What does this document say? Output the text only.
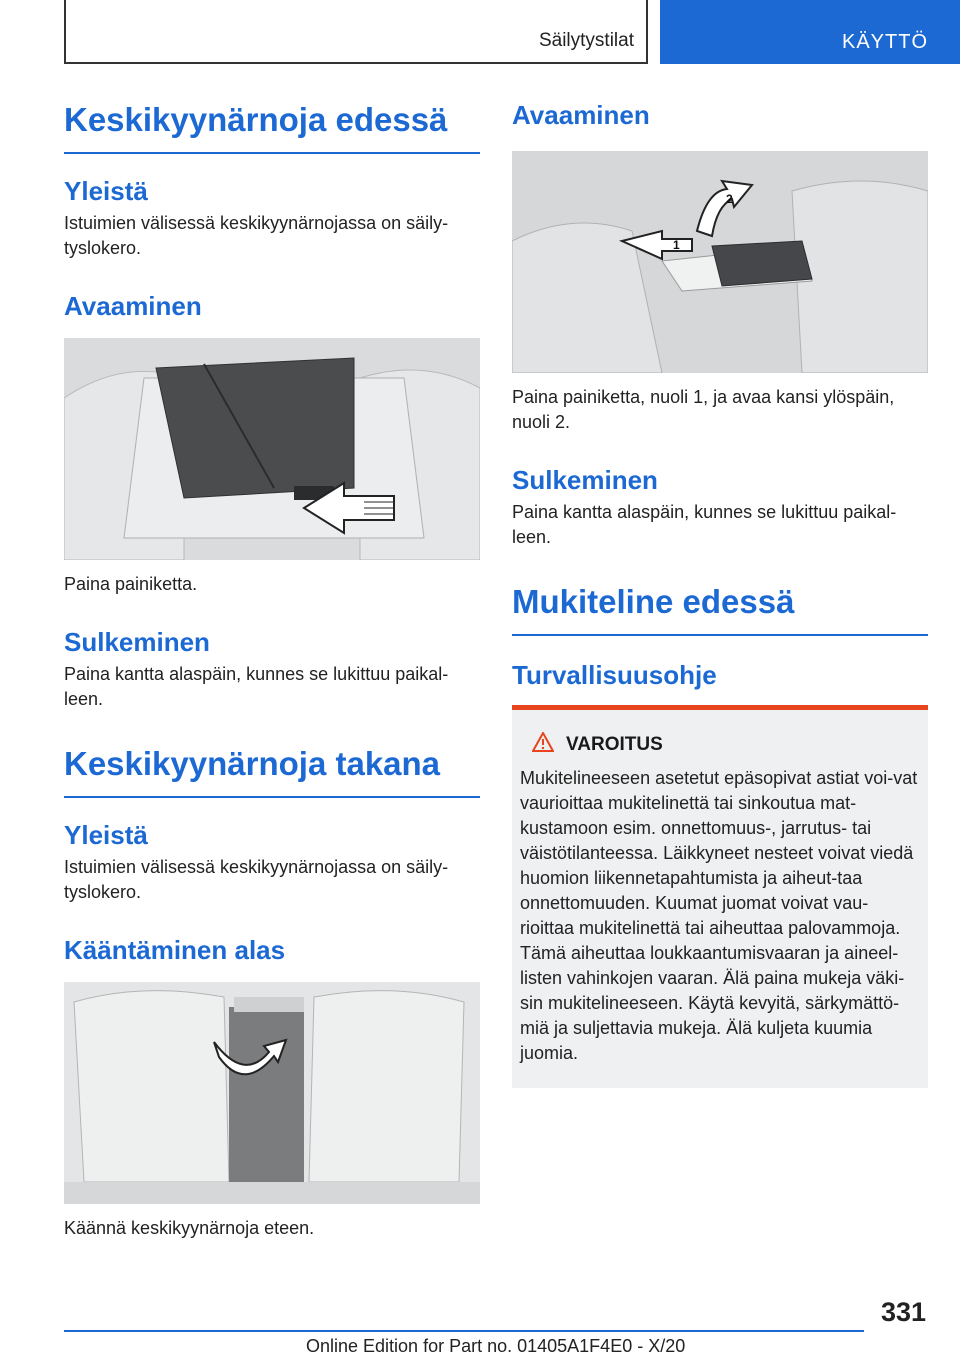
Säilytystilat	KÄYTTÖ
Keskikyynärnoja edessä
Yleistä

Istuimien välisessä keskikyynärnojassa on säily-tyslokero.

Avaaminen

Paina painiketta.

Sulkeminen

Paina kantta alaspäin, kunnes se lukittuu paikal-leen.

Keskikyynärnoja takana
Yleistä

Istuimien välisessä keskikyynärnojassa on säily-tyslokero.

Kääntäminen alas

Käännä keskikyynärnoja eteen.

Avaaminen
1
2

Paina painiketta, nuoli 1, ja avaa kansi ylöspäin, nuoli 2.

Sulkeminen

Paina kantta alaspäin, kunnes se lukittuu paikal-leen.

Mukiteline edessä
Turvallisuusohje
VAROITUS

Mukitelineeseen asetetut epäsopivat astiat voi-vat vaurioittaa mukitelinettä tai sinkoutua mat-kustamoon esim. onnettomuus-, jarrutus- tai väistötilanteessa. Läikkyneet nesteet voivat viedä huomion liikennetapahtumista ja aiheut-taa onnettomuuden. Kuumat juomat voivat vau-rioittaa mukitelinettä tai aiheuttaa palovammoja. Tämä aiheuttaa loukkaantumisvaaran ja aineel-listen vahinkojen vaaran. Älä paina mukeja väki-sin mukitelineeseen. Käytä kevyitä, särkymättö-miä ja suljettavia mukeja. Älä kuljeta kuumia juomia.

331
Online Edition for Part no. 01405A1F4E0 - X/20
